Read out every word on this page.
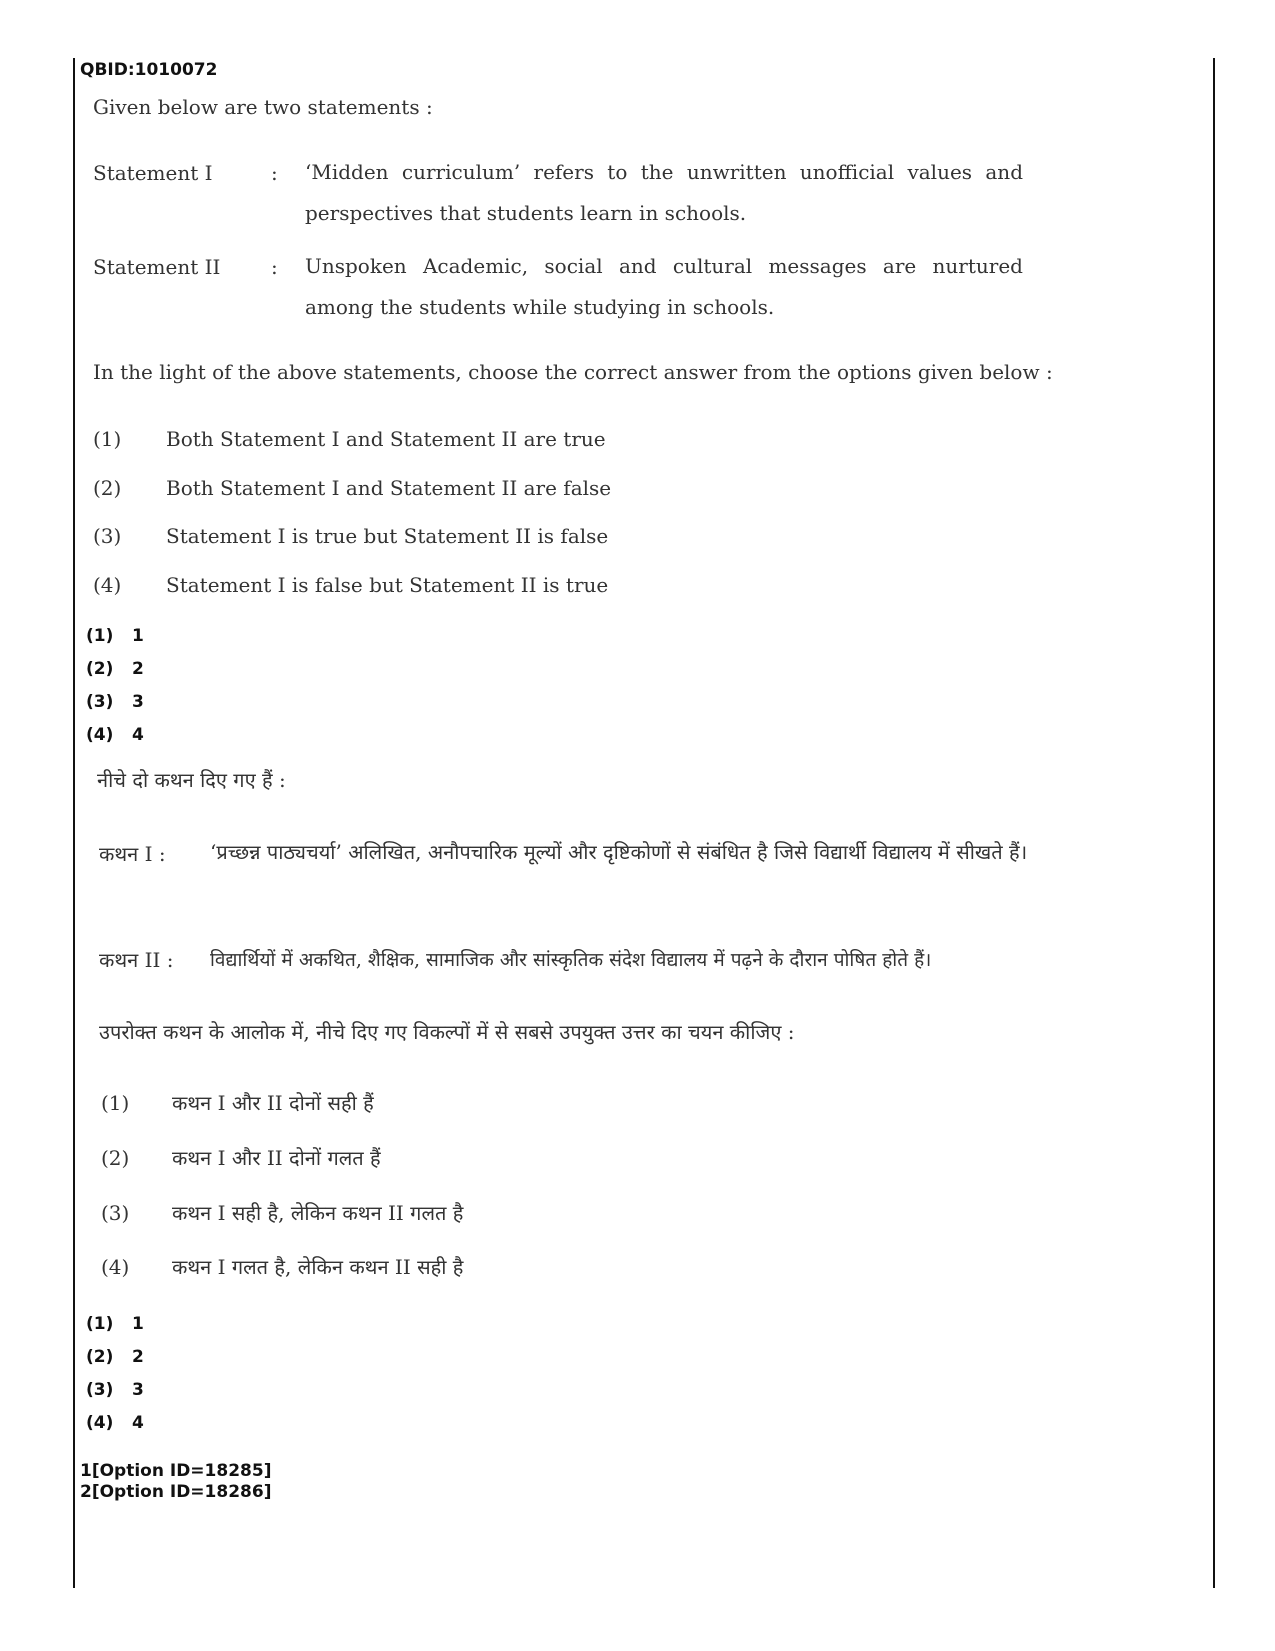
QBID:1010072
Given below are two statements :
Statement I	: ‘Midden curriculum’ refers to the unwritten unofficial values and perspectives that students learn in schools.
Statement II	: Unspoken Academic, social and cultural messages are nurtured among the students while studying in schools.
In the light of the above statements, choose the correct answer from the options given below :
(1) Both Statement I and Statement II are true
(2) Both Statement I and Statement II are false
(3) Statement I is true but Statement II is false
(4) Statement I is false but Statement II is true
(1) 1
(2) 2
(3) 3
(4) 4
नीचे दो कथन दिए गए हैं :
कथन I : ‘प्रच्छन्न पाठ्यचर्या’ अलिखित, अनौपचारिक मूल्यों और दृष्टिकोणों से संबंधित है जिसे विद्यार्थी विद्यालय में सीखते हैं।
कथन II : विद्यार्थियों में अकथित, शैक्षिक, सामाजिक और सांस्कृतिक संदेश विद्यालय में पढ़ने के दौरान पोषित होते हैं।
उपरोक्त कथन के आलोक में, नीचे दिए गए विकल्पों में से सबसे उपयुक्त उत्तर का चयन कीजिए :
(1) कथन I और II दोनों सही हैं
(2) कथन I और II दोनों गलत हैं
(3) कथन I सही है, लेकिन कथन II गलत है
(4) कथन I गलत है, लेकिन कथन II सही है
(1) 1
(2) 2
(3) 3
(4) 4
1[Option ID=18285]
2[Option ID=18286]
